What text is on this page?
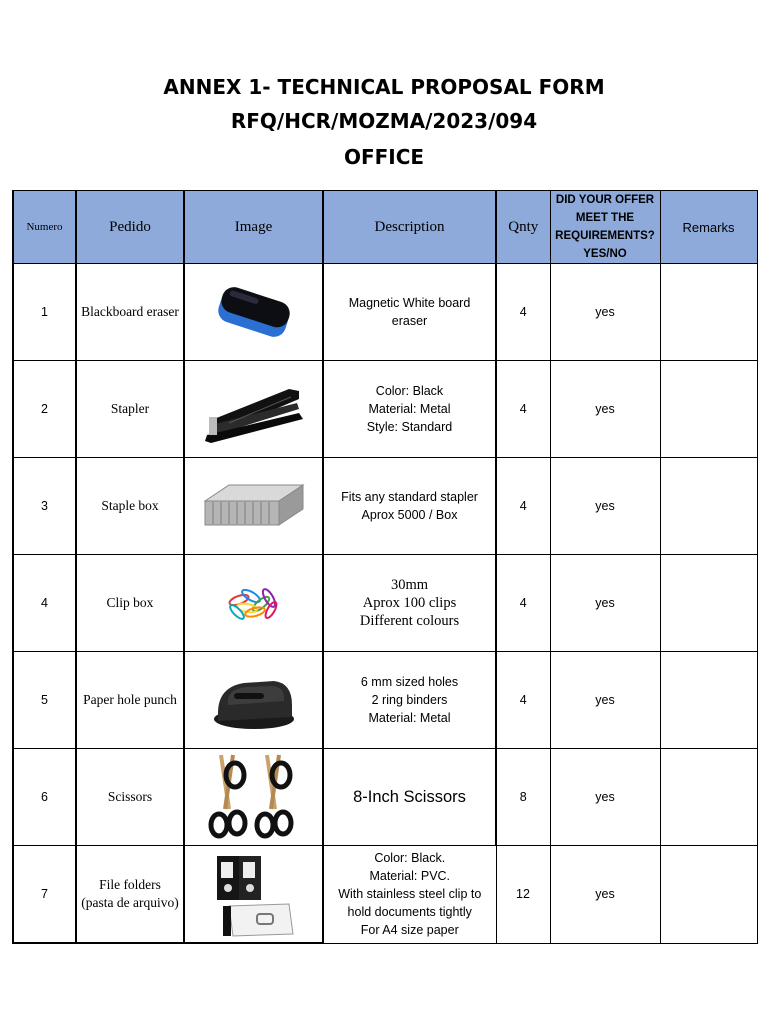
ANNEX 1- TECHNICAL PROPOSAL FORM
RFQ/HCR/MOZMA/2023/094
OFFICE
Numero	Pedido	Image	Description	Qnty	DID YOUR OFFER MEET THE REQUIREMENTS? YES/NO	Remarks
1	Blackboard eraser		Magnetic White board
eraser	4	yes	
2	Stapler		Color: Black
Material: Metal
Style: Standard	4	yes	
3	Staple box		Fits any standard stapler
Aprox 5000 / Box	4	yes	
4	Clip box		30mm
Aprox 100 clips
Different colours	4	yes	
5	Paper hole punch		6 mm sized holes
2 ring binders
Material: Metal	4	yes	
6	Scissors		8-Inch Scissors	8	yes	
7	File folders
(pasta de arquivo)		Color: Black.
Material: PVC.
With stainless steel clip to
hold documents tightly
For A4 size paper	12	yes	
